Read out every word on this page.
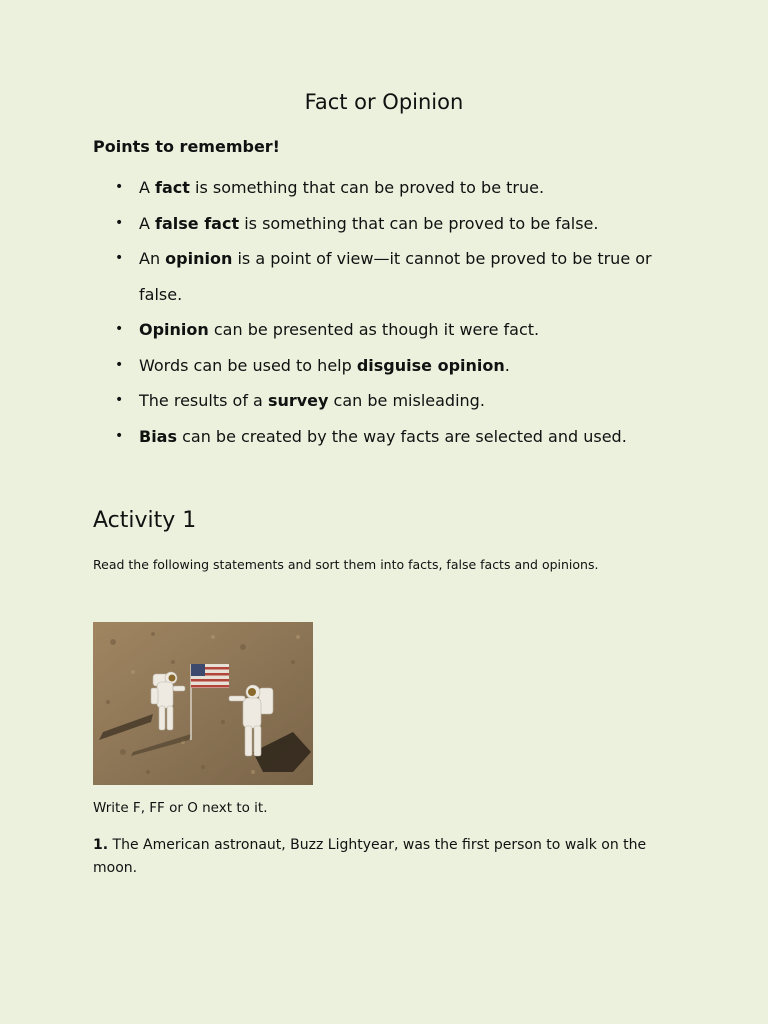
Fact or Opinion
Points to remember!
• A fact is something that can be proved to be true.
• A false fact is something that can be proved to be false.
• An opinion is a point of view—it cannot be proved to be true or false.
• Opinion can be presented as though it were fact.
• Words can be used to help disguise opinion.
• The results of a survey can be misleading.
• Bias can be created by the way facts are selected and used.
Activity 1

Read the following statements and sort them into facts, false facts and opinions.

Write F, FF or O next to it.

1. The American astronaut, Buzz Lightyear, was the first person to walk on the moon.
